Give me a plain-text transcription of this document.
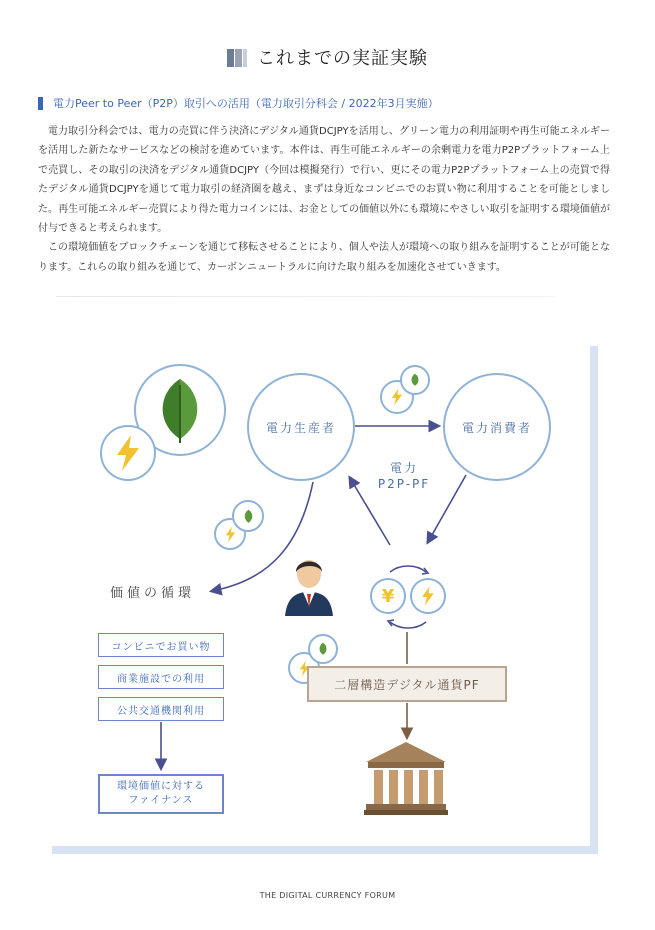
これまでの実証実験
電力Peer to Peer（P2P）取引への活用（電力取引分科会 / 2022年3月実施）

電力取引分科会では、電力の売買に伴う決済にデジタル通貨DCJPYを活用し、グリーン電力の利用証明や再生可能エネルギーを活用した新たなサービスなどの検討を進めています。本件は、再生可能エネルギーの余剰電力を電力P2Pプラットフォーム上で売買し、その取引の決済をデジタル通貨DCJPY（今回は模擬発行）で行い、更にその電力P2Pプラットフォーム上の売買で得たデジタル通貨DCJPYを通じて電力取引の経済圏を越え、まずは身近なコンビニでのお買い物に利用することを可能としました。再生可能エネルギー売買により得た電力コインには、お金としての価値以外にも環境にやさしい取引を証明する環境価値が付与できると考えられます。

この環境価値をブロックチェーンを通じて移転させることにより、個人や法人が環境への取り組みを証明することが可能となります。これらの取り組みを通じて、カーボンニュートラルに向けた取り組みを加速化させていきます。

電力生産者	電力消費者
電力
P2P-PF
¥
価値の循環
コンビニでお買い物
商業施設での利用
公共交通機関利用
環境価値に対する
ファイナンス
二層構造デジタル通貨PF
THE DIGITAL CURRENCY FORUM
